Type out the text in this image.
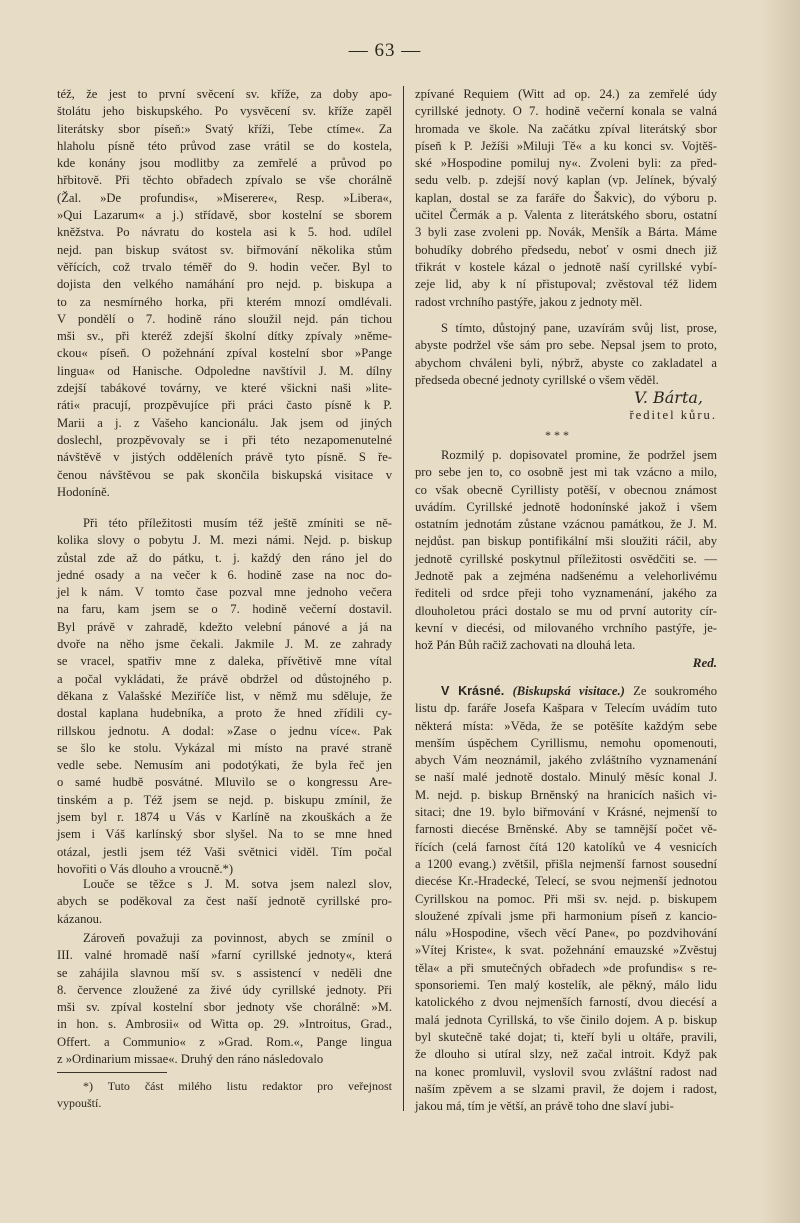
— 63 —
též, že jest to první svěcení sv. kříže, za doby apo-
štolátu jeho biskupského. Po vysvěcení sv. kříže zapěl
literátsky sbor píseň:» Svatý kříži, Tebe ctíme«. Za
hlaholu písně této průvod zase vrátil se do kostela,
kde konány jsou modlitby za zemřelé a průvod po
hřbitově. Při těchto obřadech zpívalo se vše chorálně
(Žal. »De profundis«, »Miserere«, Resp. »Libera«,
»Qui Lazarum« a j.) střídavě, sbor kostelní se sborem
kněžstva. Po návratu do kostela asi k 5. hod. udílel
nejd. pan biskup svátost sv. biřmování několika stům
věřících, což trvalo téměř do 9. hodin večer. Byl to
dojista den velkého namáhání pro nejd. p. biskupa a
to za nesmírného horka, při kterém mnozí omdlévali.
V pondělí o 7. hodině ráno sloužil nejd. pán tichou
mši sv., při kteréž zdejší školní dítky zpívaly »něme-
ckou« píseň. O požehnání zpíval kostelní sbor »Pange
lingua« od Hanische. Odpoledne navštívil J. M. dílny
zdejší tabákové továrny, ve které všickni naši »lite-
ráti« pracují, prozpěvujíce při práci často písně k P.
Marii a j. z Vašeho kancionálu. Jak jsem od jiných
doslechl, prozpěvovaly se i při této nezapomenutelné
návštěvě v jistých odděleních právě tyto písně. S ře-
čenou návštěvou se pak skončila biskupská visitace v
Hodoníně.
Při této příležitosti musím též ještě zmíniti se ně-
kolika slovy o pobytu J. M. mezi námi. Nejd. p. biskup
zůstal zde až do pátku, t. j. každý den ráno jel do
jedné osady a na večer k 6. hodině zase na noc do-
jel k nám. V tomto čase pozval mne jednoho večera
na faru, kam jsem se o 7. hodině večerní dostavil.
Byl právě v zahradě, kdežto velební pánové a já na
dvoře na něho jsme čekali. Jakmile J. M. ze zahrady
se vracel, spatřiv mne z daleka, přívětivě mne vítal
a počal vykládati, že právě obdržel od důstojného p.
děkana z Valašské Meziříče list, v němž mu sděluje, že
dostal kaplana hudebníka, a proto že hned zřídili cy-
rillskou jednotu. A dodal: »Zase o jednu více«. Pak
se šlo ke stolu. Vykázal mi místo na pravé straně
vedle sebe. Nemusím ani podotýkati, že byla řeč jen
o samé hudbě posvátné. Mluvilo se o kongressu Are-
tinském a p. Též jsem se nejd. p. biskupu zmínil, že
jsem byl r. 1874 u Vás v Karlíně na zkouškách a že
jsem i Váš karlínský sbor slyšel. Na to se mne hned
otázal, jestli jsem též Vaši světnici viděl. Tím počal
hovořiti o Vás dlouho a vroucně.*)
Louče se těžce s J. M. sotva jsem nalezl slov,
abych se poděkoval za čest naší jednotě cyrillské pro-
kázanou.
Zároveň považuji za povinnost, abych se zmínil o
III. valné hromadě naší »farní cyrillské jednoty«, která
se zahájila slavnou mší sv. s assistencí v neděli dne
8. července zloužené za živé údy cyrillské jednoty. Při
mši sv. zpíval kostelní sbor jednoty vše chorálně: »M.
in hon. s. Ambrosii« od Witta op. 29. »Introitus, Grad.,
Offert. a Communio« z »Grad. Rom.«, Pange lingua
z »Ordinarium missae«. Druhý den ráno následovalo
*) Tuto část milého listu redaktor pro veřejnost
vypouští.
zpívané Requiem (Witt ad op. 24.) za zemřelé údy
cyrillské jednoty. O 7. hodině večerní konala se valná
hromada ve škole. Na začátku zpíval literátský sbor
píseň k P. Ježíši »Miluji Tě« a ku konci sv. Vojtěš-
ské »Hospodine pomiluj ny«. Zvoleni byli: za před-
sedu velb. p. zdejší nový kaplan (vp. Jelínek, bývalý
kaplan, dostal se za faráře do Šakvic), do výboru p.
učitel Čermák a p. Valenta z literátského sboru, ostatní
3 byli zase zvoleni pp. Novák, Menšík a Bárta. Máme
bohudíky dobrého předsedu, neboť v osmi dnech již
třikrát v kostele kázal o jednotě naší cyrillské vybí-
zeje lid, aby k ní přistupoval; zvěstoval též lidem
radost vrchního pastýře, jakou z jednoty měl.
S tímto, důstojný pane, uzavírám svůj list, prose,
abyste podržel vše sám pro sebe. Nepsal jsem to proto,
abychom chváleni byli, nýbrž, abyste co zakladatel a
předseda obecné jednoty cyrillské o všem věděl.
V. Bárta,
ředitel kůru.
* * *
Rozmilý p. dopisovatel promine, že podržel jsem
pro sebe jen to, co osobně jest mi tak vzácno a milo,
co však obecně Cyrillisty potěší, v obecnou známost
uvádím. Cyrillské jednotě hodonínské jakož i všem
ostatním jednotám zůstane vzácnou památkou, že J. M.
nejdůst. pan biskup pontifikální mši sloužiti ráčil, aby
jednotě cyrillské poskytnul příležitosti osvědčiti se. —
Jednotě pak a zejména nadšenému a velehorlivému
řediteli od srdce přeji toho vyznamenání, jakého za
dlouholetou práci dostalo se mu od první autority cír-
kevní v diecési, od milovaného vrchního pastýře, je-
hož Pán Bůh račiž zachovati na dlouhá leta.
Red.
V Krásné. (Biskupská visitace.) Ze soukromého
listu dp. faráře Josefa Kašpara v Telecím uvádím tuto
některá místa: »Věda, že se potěšíte každým sebe
menším úspěchem Cyrillismu, nemohu opomenouti,
abych Vám neoznámil, jakého zvláštního vyznamenání
se naší malé jednotě dostalo. Minulý měsíc konal J.
M. nejd. p. biskup Brněnský na hranicích našich vi-
sitaci; dne 19. bylo biřmování v Krásné, nejmenší to
farnosti diecése Brněnské. Aby se tamnější počet vě-
řících (celá farnost čítá 120 katolíků ve 4 vesnicích
a 1200 evang.) zvětšil, přišla nejmenší farnost sousední
diecése Kr.-Hradecké, Telecí, se svou nejmenší jednotou
Cyrillskou na pomoc. Při mši sv. nejd. p. biskupem
sloužené zpívali jsme při harmonium píseň z kancio-
nálu »Hospodine, všech věcí Pane«, po pozdvihování
»Vítej Kriste«, k svat. požehnání emauzské »Zvěstuj
těla« a při smutečných obřadech »de profundis« s re-
sponsoriemi. Ten malý kostelík, ale pěkný, málo lidu
katolického z dvou nejmenších farností, dvou diecésí a
malá jednota Cyrillská, to vše činilo dojem. A p. biskup
byl skutečně také dojat; ti, kteří byli u oltáře, pravili,
že dlouho si utíral slzy, než začal introit. Když pak
na konec promluvil, vyslovil svou zvláštní radost nad
naším zpěvem a se slzami pravil, že dojem i radost,
jakou má, tím je větší, an právě toho dne slaví jubi-
